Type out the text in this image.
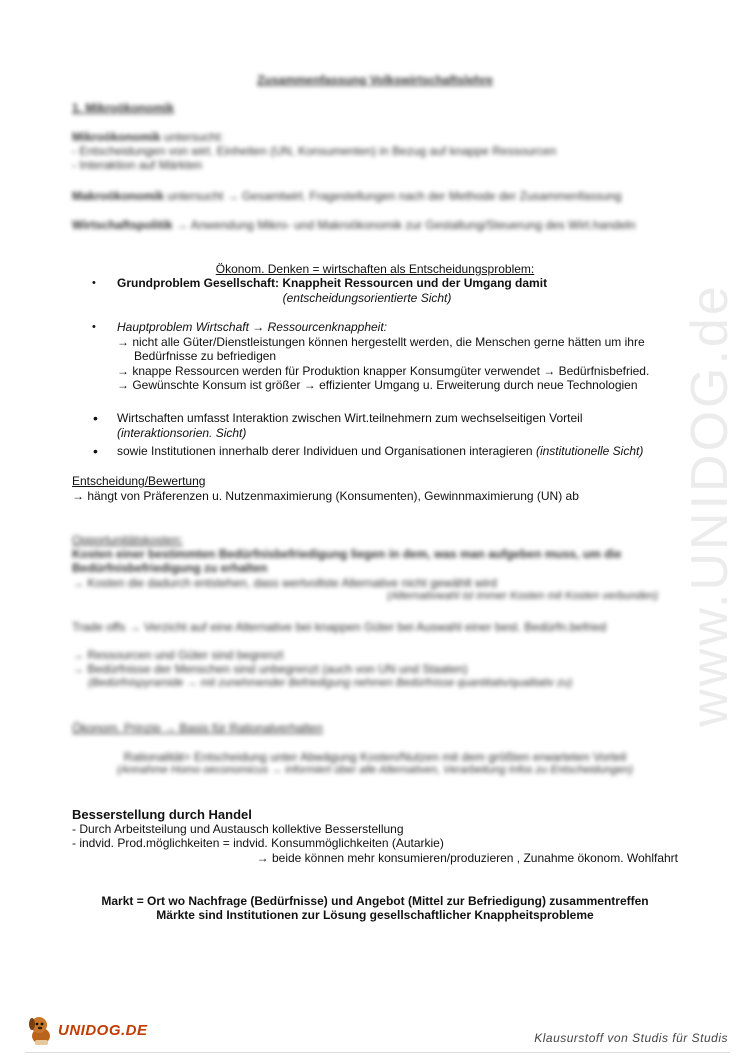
www.UNIDOG.de
Zusammenfassung Volkswirtschaftslehre
1. Mikroökonomik
Mikroökonomik untersucht:
- Entscheidungen von wirt. Einheiten (UN, Konsumenten) in Bezug auf knappe Ressourcen
- Interaktion auf Märkten
Makroökonomik untersucht → Gesamtwirt. Fragestellungen nach der Methode der Zusammenfassung
Wirtschaftspolitik → Anwendung Mikro- und Makroökonomik zur Gestaltung/Steuerung des Wirt.handeln
Ökonom. Denken = wirtschaften als Entscheidungsproblem:
• Grundproblem Gesellschaft: Knappheit Ressourcen und der Umgang damit
(entscheidungsorientierte Sicht)
• Hauptproblem Wirtschaft → Ressourcenknappheit:
→ nicht alle Güter/Dienstleistungen können hergestellt werden, die Menschen gerne hätten um ihre
Bedürfnisse zu befriedigen
→ knappe Ressourcen werden für Produktion knapper Konsumgüter verwendet → Bedürfnisbefried.
→ Gewünschte Konsum ist größer → effizienter Umgang u. Erweiterung durch neue Technologien
• Wirtschaften umfasst Interaktion zwischen Wirt.teilnehmern zum wechselseitigen Vorteil
(interaktionsorien. Sicht)
• sowie Institutionen innerhalb derer Individuen und Organisationen interagieren (institutionelle Sicht)
Entscheidung/Bewertung
→ hängt von Präferenzen u. Nutzenmaximierung (Konsumenten), Gewinnmaximierung (UN) ab
Opportunitätskosten:
Kosten einer bestimmten Bedürfnisbefriedigung liegen in dem, was man aufgeben muss, um die
Bedürfnisbefriedigung zu erhalten
→ Kosten die dadurch entstehen, dass wertvollste Alternative nicht gewählt wird
(Alternativwahl ist immer Kosten mit Kosten verbunden)
Trade offs → Verzicht auf eine Alternative bei knappen Güter bei Auswahl einer best. Bedürfn.befried
→ Ressourcen und Güter sind begrenzt
→ Bedürfnisse der Menschen sind unbegrenzt (auch von UN und Staaten)
(Bedürfnispyramide → mit zunehmender Befriedigung nehmen Bedürfnisse quantitativ/qualitativ zu)
Ökonom. Prinzip → Basis für Rationalverhalten
Rationalität= Entscheidung unter Abwägung Kosten/Nutzen mit dem größten erwarteten Vorteil
(Annahme Homo oeconomicus → informiert über alle Alternativen, Verarbeitung Infos zu Entscheidungen)
Besserstellung durch Handel
- Durch Arbeitsteilung und Austausch kollektive Besserstellung
- indvid. Prod.möglichkeiten = indvid. Konsummöglichkeiten (Autarkie)
→ beide können mehr konsumieren/produzieren , Zunahme ökonom. Wohlfahrt
Markt = Ort wo Nachfrage (Bedürfnisse) und Angebot (Mittel zur Befriedigung) zusammentreffen
Märkte sind Institutionen zur Lösung gesellschaftlicher Knappheitsprobleme
UNIDOG.DE	Klausurstoff von Studis für Studis
